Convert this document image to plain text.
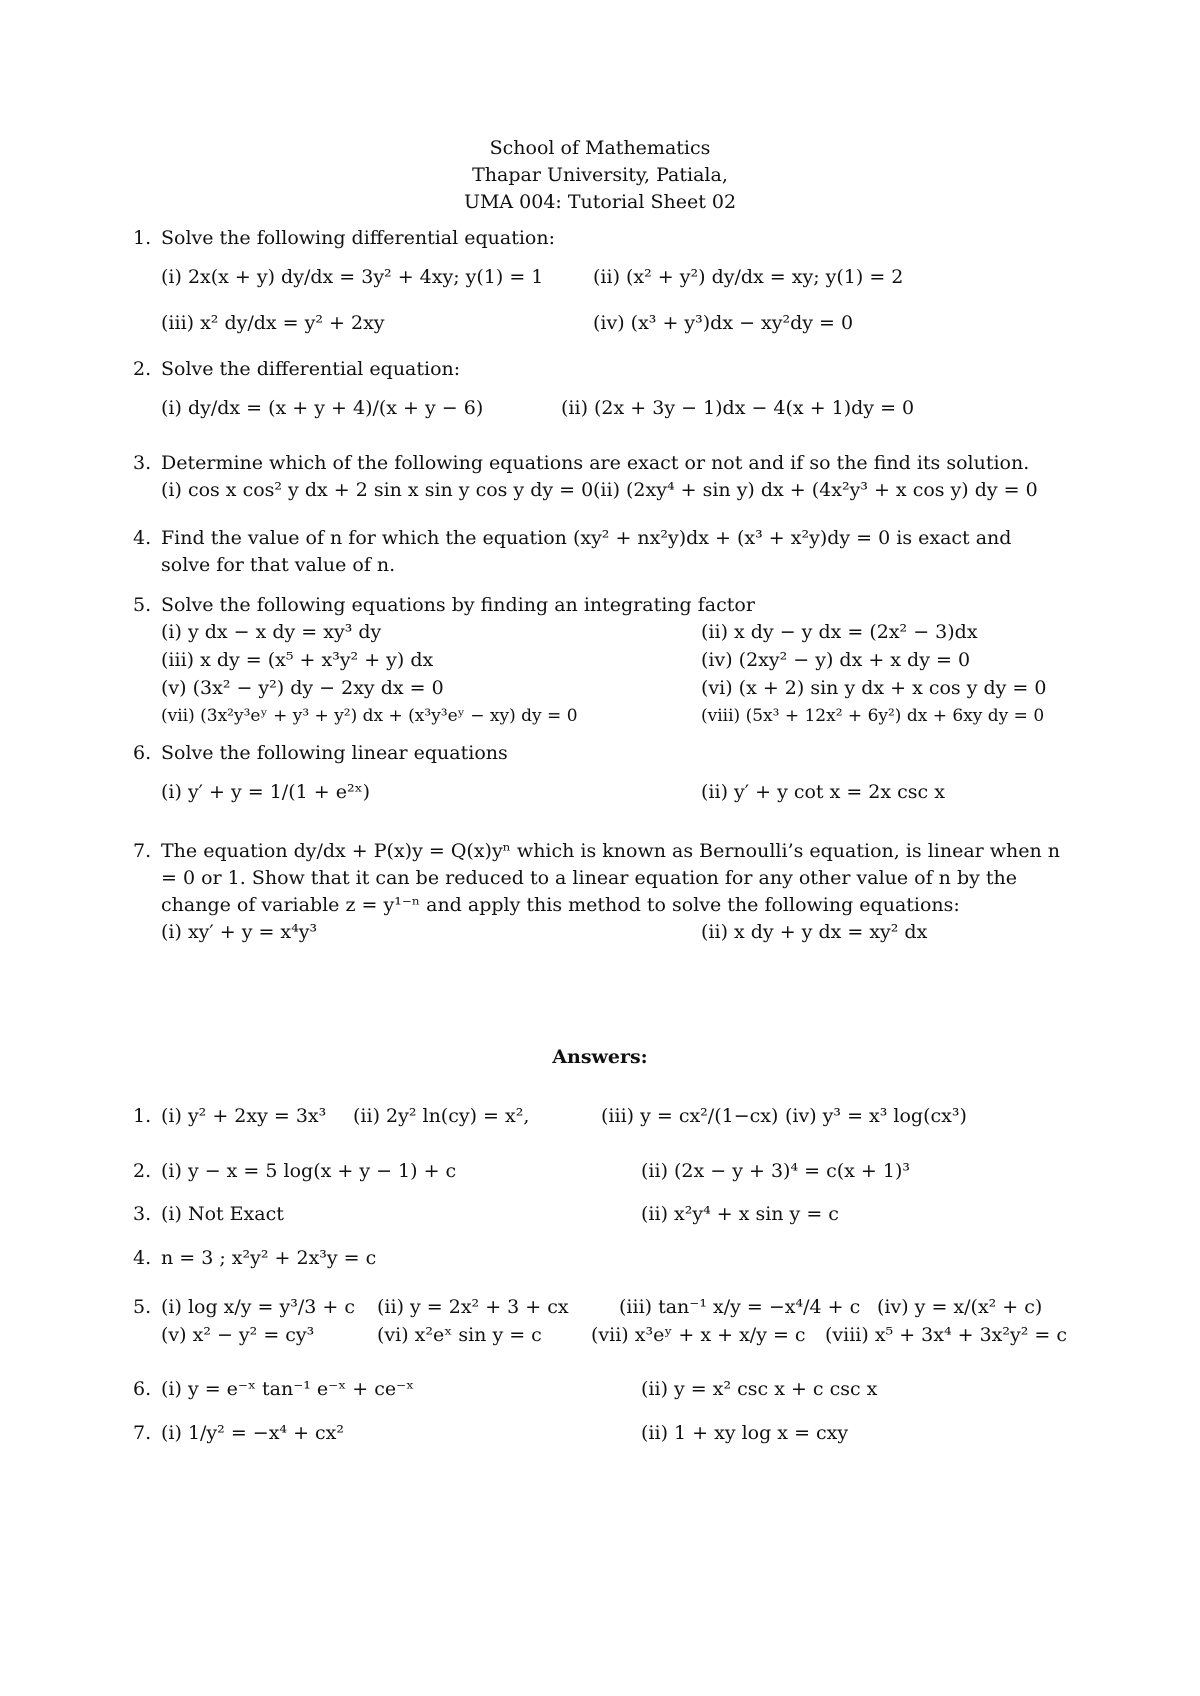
School of Mathematics
Thapar University, Patiala,
UMA 004: Tutorial Sheet 02
1. Solve the following differential equation:
(i) 2x(x + y) dy/dx = 3y² + 4xy; y(1) = 1	(ii) (x² + y²) dy/dx = xy; y(1) = 2
(iii) x² dy/dx = y² + 2xy	(iv) (x³ + y³)dx − xy²dy = 0
2. Solve the differential equation:
(i) dy/dx = (x + y + 4)/(x + y − 6)	(ii) (2x + 3y − 1)dx − 4(x + 1)dy = 0
3. Determine which of the following equations are exact or not and if so the find its solution.
(i) cos x cos² y dx + 2 sin x sin y cos y dy = 0 (ii) (2xy⁴ + sin y) dx + (4x²y³ + x cos y) dy = 0
4. Find the value of n for which the equation (xy² + nx²y)dx + (x³ + x²y)dy = 0 is exact and solve for that value of n.
5. Solve the following equations by finding an integrating factor
(i) y dx − x dy = xy³ dy	(ii) x dy − y dx = (2x² − 3)dx
(iii) x dy = (x⁵ + x³y² + y) dx	(iv) (2xy² − y) dx + x dy = 0
(v) (3x² − y²) dy − 2xy dx = 0	(vi) (x + 2) sin y dx + x cos y dy = 0
(vii) (3x²y³eʸ + y³ + y²) dx + (x³y³eʸ − xy) dy = 0	(viii) (5x³ + 12x² + 6y²) dx + 6xy dy = 0
6. Solve the following linear equations
(i) y′ + y = 1/(1 + e²ˣ)	(ii) y′ + y cot x = 2x csc x
7. The equation dy/dx + P(x)y = Q(x)yⁿ which is known as Bernoulli’s equation, is linear when n = 0 or 1. Show that it can be reduced to a linear equation for any other value of n by the change of variable z = y¹⁻ⁿ and apply this method to solve the following equations:
(i) xy′ + y = x⁴y³	(ii) x dy + y dx = xy² dx
Answers:
1. (i) y² + 2xy = 3x³ (ii) 2y² ln(cy) = x²,	(iii) y = cx²/(1−cx) (iv) y³ = x³ log(cx³)
2. (i) y − x = 5 log(x + y − 1) + c	(ii) (2x − y + 3)⁴ = c(x + 1)³
3. (i) Not Exact	(ii) x²y⁴ + x sin y = c
4. n = 3 ; x²y² + 2x³y = c
5. (i) log x/y = y³/3 + c (ii) y = 2x² + 3 + cx	(iii) tan⁻¹ x/y = −x⁴/4 + c (iv) y = x/(x² + c)
(v) x² − y² = cy³	(vi) x²eˣ sin y = c	(vii) x³eʸ + x + x/y = c (viii) x⁵ + 3x⁴ + 3x²y² = c
6. (i) y = e⁻ˣ tan⁻¹ e⁻ˣ + ce⁻ˣ	(ii) y = x² csc x + c csc x
7. (i) 1/y² = −x⁴ + cx²	(ii) 1 + xy log x = cxy
